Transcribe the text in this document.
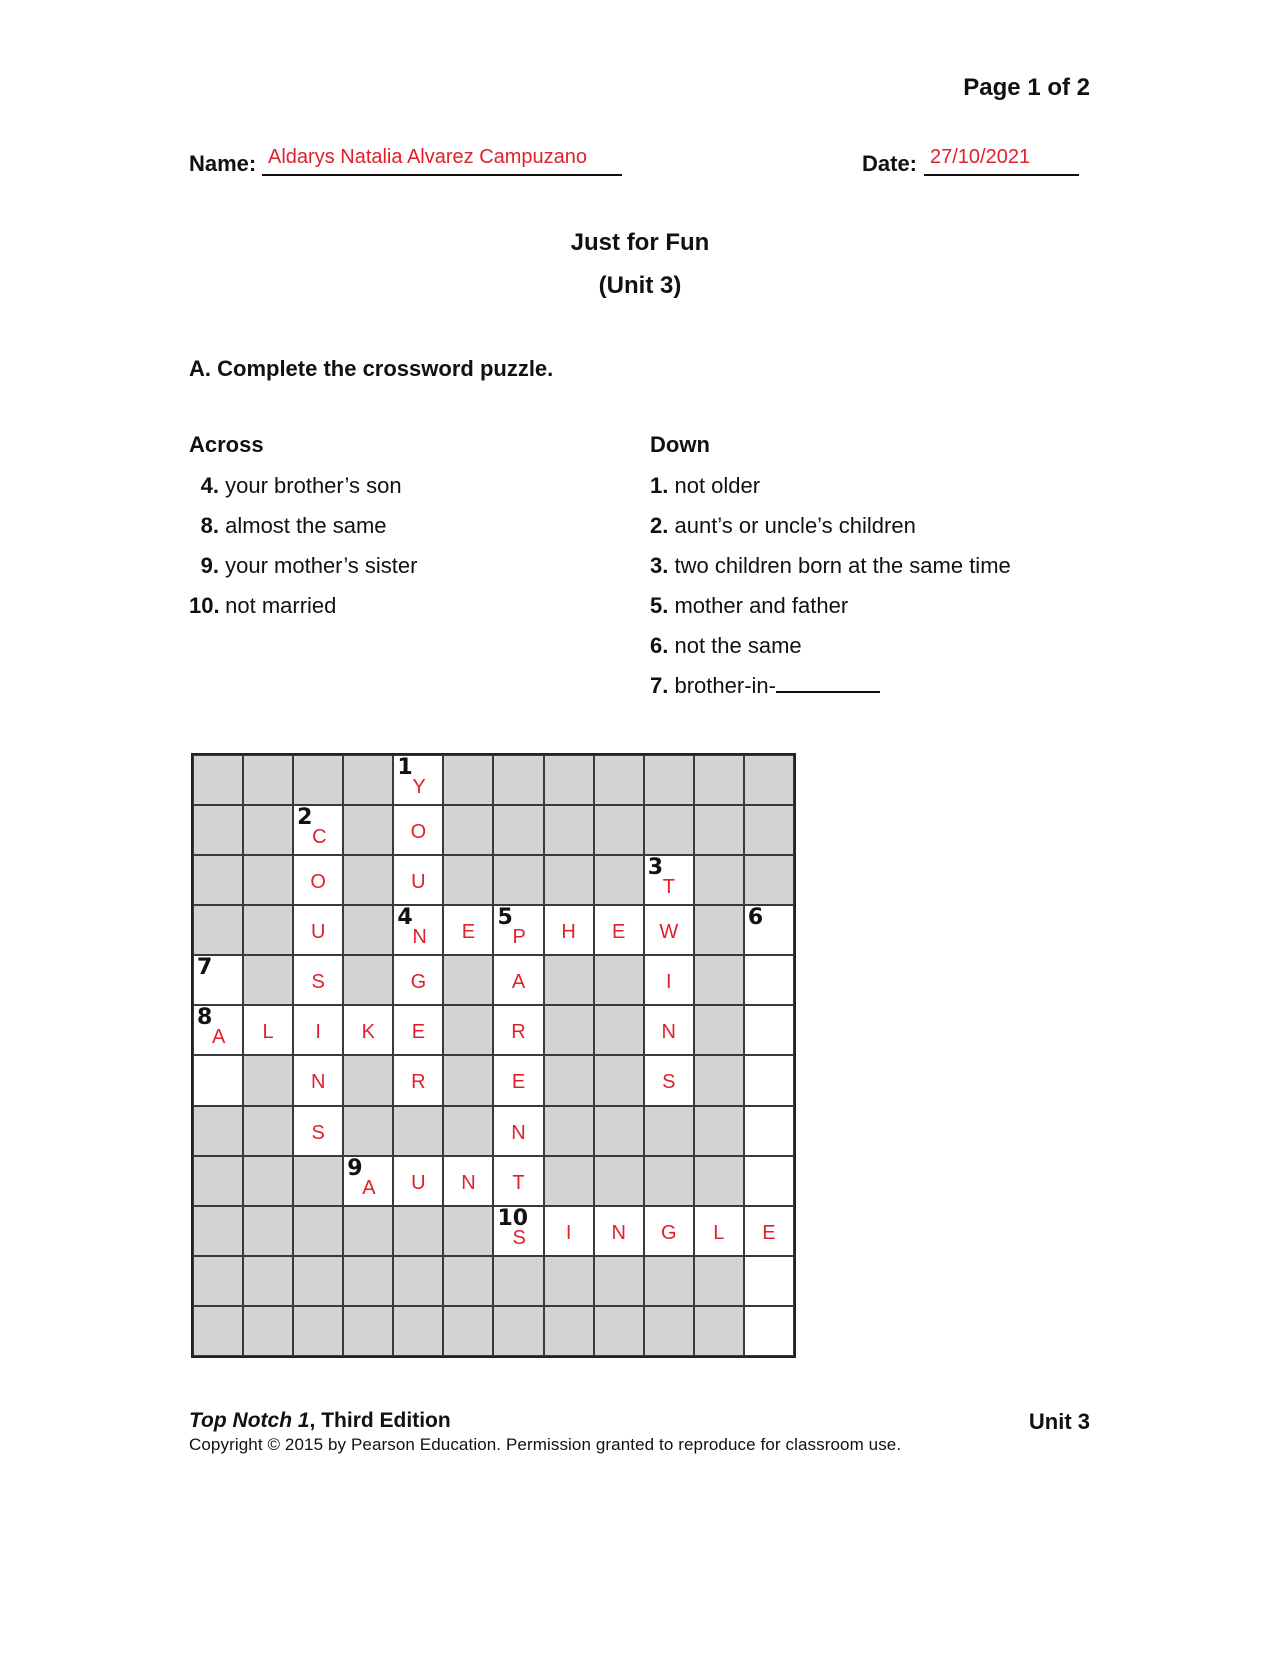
Page 1 of 2
Name: Aldarys Natalia Alvarez Campuzano	Date: 27/10/2021
Just for Fun
(Unit 3)
A. Complete the crossword puzzle.
Across
4. your brother’s son
8. almost the same
9. your mother’s sister
10. not married
Down
1. not older
2. aunt’s or uncle’s children
3. two children born at the same time
5. mother and father
6. not the same
7. brother-in-
1
Y
2
C	O
O	U
3
T
U
4
N	E
5
P	H	E	W
6
7
S	G	A	I
8
A	L	I	K	E	R	N
N	R	E	S
S	N
9
A	U	N	T
10
S	I	N	G	L	E
Top Notch 1, Third Edition	Unit 3
Copyright © 2015 by Pearson Education. Permission granted to reproduce for classroom use.
